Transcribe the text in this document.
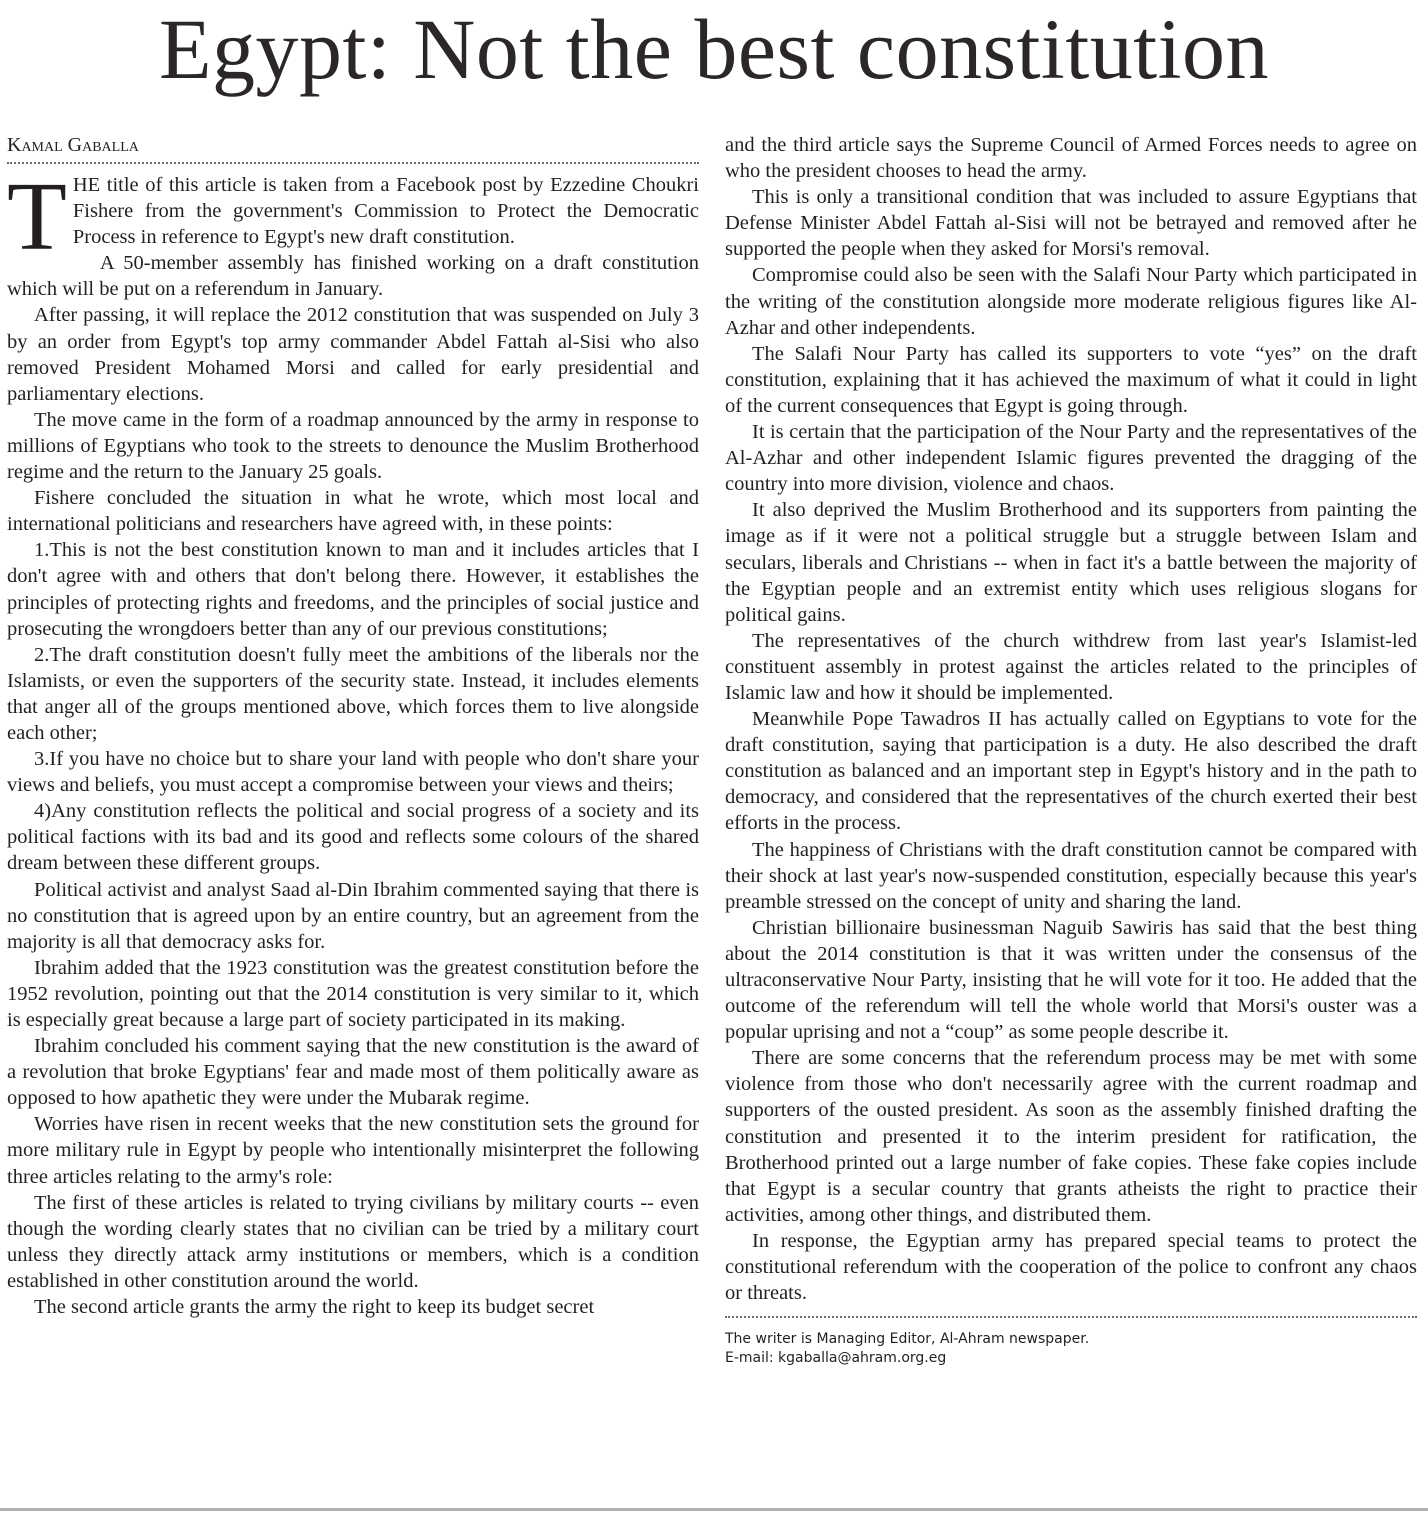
Egypt: Not the best constitution
Kamal Gaballa

THE title of this article is taken from a Facebook post by Ezzedine Choukri Fishere from the government's Commission to Protect the Democratic Process in reference to Egypt's new draft constitution.

A 50-member assembly has finished working on a draft constitution which will be put on a referendum in January.

After passing, it will replace the 2012 constitution that was suspended on July 3 by an order from Egypt's top army commander Abdel Fattah al-Sisi who also removed President Mohamed Morsi and called for early presidential and parliamentary elections.

The move came in the form of a roadmap announced by the army in response to millions of Egyptians who took to the streets to denounce the Muslim Brotherhood regime and the return to the January 25 goals.

Fishere concluded the situation in what he wrote, which most local and international politicians and researchers have agreed with, in these points:

1.This is not the best constitution known to man and it includes articles that I don't agree with and others that don't belong there. However, it establishes the principles of protecting rights and freedoms, and the principles of social justice and prosecuting the wrongdoers better than any of our previous constitutions;

2.The draft constitution doesn't fully meet the ambitions of the liberals nor the Islamists, or even the supporters of the security state. Instead, it includes elements that anger all of the groups mentioned above, which forces them to live alongside each other;

3.If you have no choice but to share your land with people who don't share your views and beliefs, you must accept a compromise between your views and theirs;

4)Any constitution reflects the political and social progress of a society and its political factions with its bad and its good and reflects some colours of the shared dream between these different groups.

Political activist and analyst Saad al-Din Ibrahim commented saying that there is no constitution that is agreed upon by an entire country, but an agreement from the majority is all that democracy asks for.

Ibrahim added that the 1923 constitution was the greatest constitution before the 1952 revolution, pointing out that the 2014 constitution is very similar to it, which is especially great because a large part of society participated in its making.

Ibrahim concluded his comment saying that the new constitution is the award of a revolution that broke Egyptians' fear and made most of them politically aware as opposed to how apathetic they were under the Mubarak regime.

Worries have risen in recent weeks that the new constitution sets the ground for more military rule in Egypt by people who intentionally misinterpret the following three articles relating to the army's role:

The first of these articles is related to trying civilians by military courts -- even though the wording clearly states that no civilian can be tried by a military court unless they directly attack army institutions or members, which is a condition established in other constitution around the world.

The second article grants the army the right to keep its budget secret

and the third article says the Supreme Council of Armed Forces needs to agree on who the president chooses to head the army.

This is only a transitional condition that was included to assure Egyptians that Defense Minister Abdel Fattah al-Sisi will not be betrayed and removed after he supported the people when they asked for Morsi's removal.

Compromise could also be seen with the Salafi Nour Party which participated in the writing of the constitution alongside more moderate religious figures like Al-Azhar and other independents.

The Salafi Nour Party has called its supporters to vote “yes” on the draft constitution, explaining that it has achieved the maximum of what it could in light of the current consequences that Egypt is going through.

It is certain that the participation of the Nour Party and the representatives of the Al-Azhar and other independent Islamic figures prevented the dragging of the country into more division, violence and chaos.

It also deprived the Muslim Brotherhood and its supporters from painting the image as if it were not a political struggle but a struggle between Islam and seculars, liberals and Christians -- when in fact it's a battle between the majority of the Egyptian people and an extremist entity which uses religious slogans for political gains.

The representatives of the church withdrew from last year's Islamist-led constituent assembly in protest against the articles related to the principles of Islamic law and how it should be implemented.

Meanwhile Pope Tawadros II has actually called on Egyptians to vote for the draft constitution, saying that participation is a duty. He also described the draft constitution as balanced and an important step in Egypt's history and in the path to democracy, and considered that the representatives of the church exerted their best efforts in the process.

The happiness of Christians with the draft constitution cannot be compared with their shock at last year's now-suspended constitution, especially because this year's preamble stressed on the concept of unity and sharing the land.

Christian billionaire businessman Naguib Sawiris has said that the best thing about the 2014 constitution is that it was written under the consensus of the ultraconservative Nour Party, insisting that he will vote for it too. He added that the outcome of the referendum will tell the whole world that Morsi's ouster was a popular uprising and not a “coup” as some people describe it.

There are some concerns that the referendum process may be met with some violence from those who don't necessarily agree with the current roadmap and supporters of the ousted president. As soon as the assembly finished drafting the constitution and presented it to the interim president for ratification, the Brotherhood printed out a large number of fake copies. These fake copies include that Egypt is a secular country that grants atheists the right to practice their activities, among other things, and distributed them.

In response, the Egyptian army has prepared special teams to protect the constitutional referendum with the cooperation of the police to confront any chaos or threats.

The writer is Managing Editor, Al-Ahram newspaper.
E-mail: kgaballa@ahram.org.eg
